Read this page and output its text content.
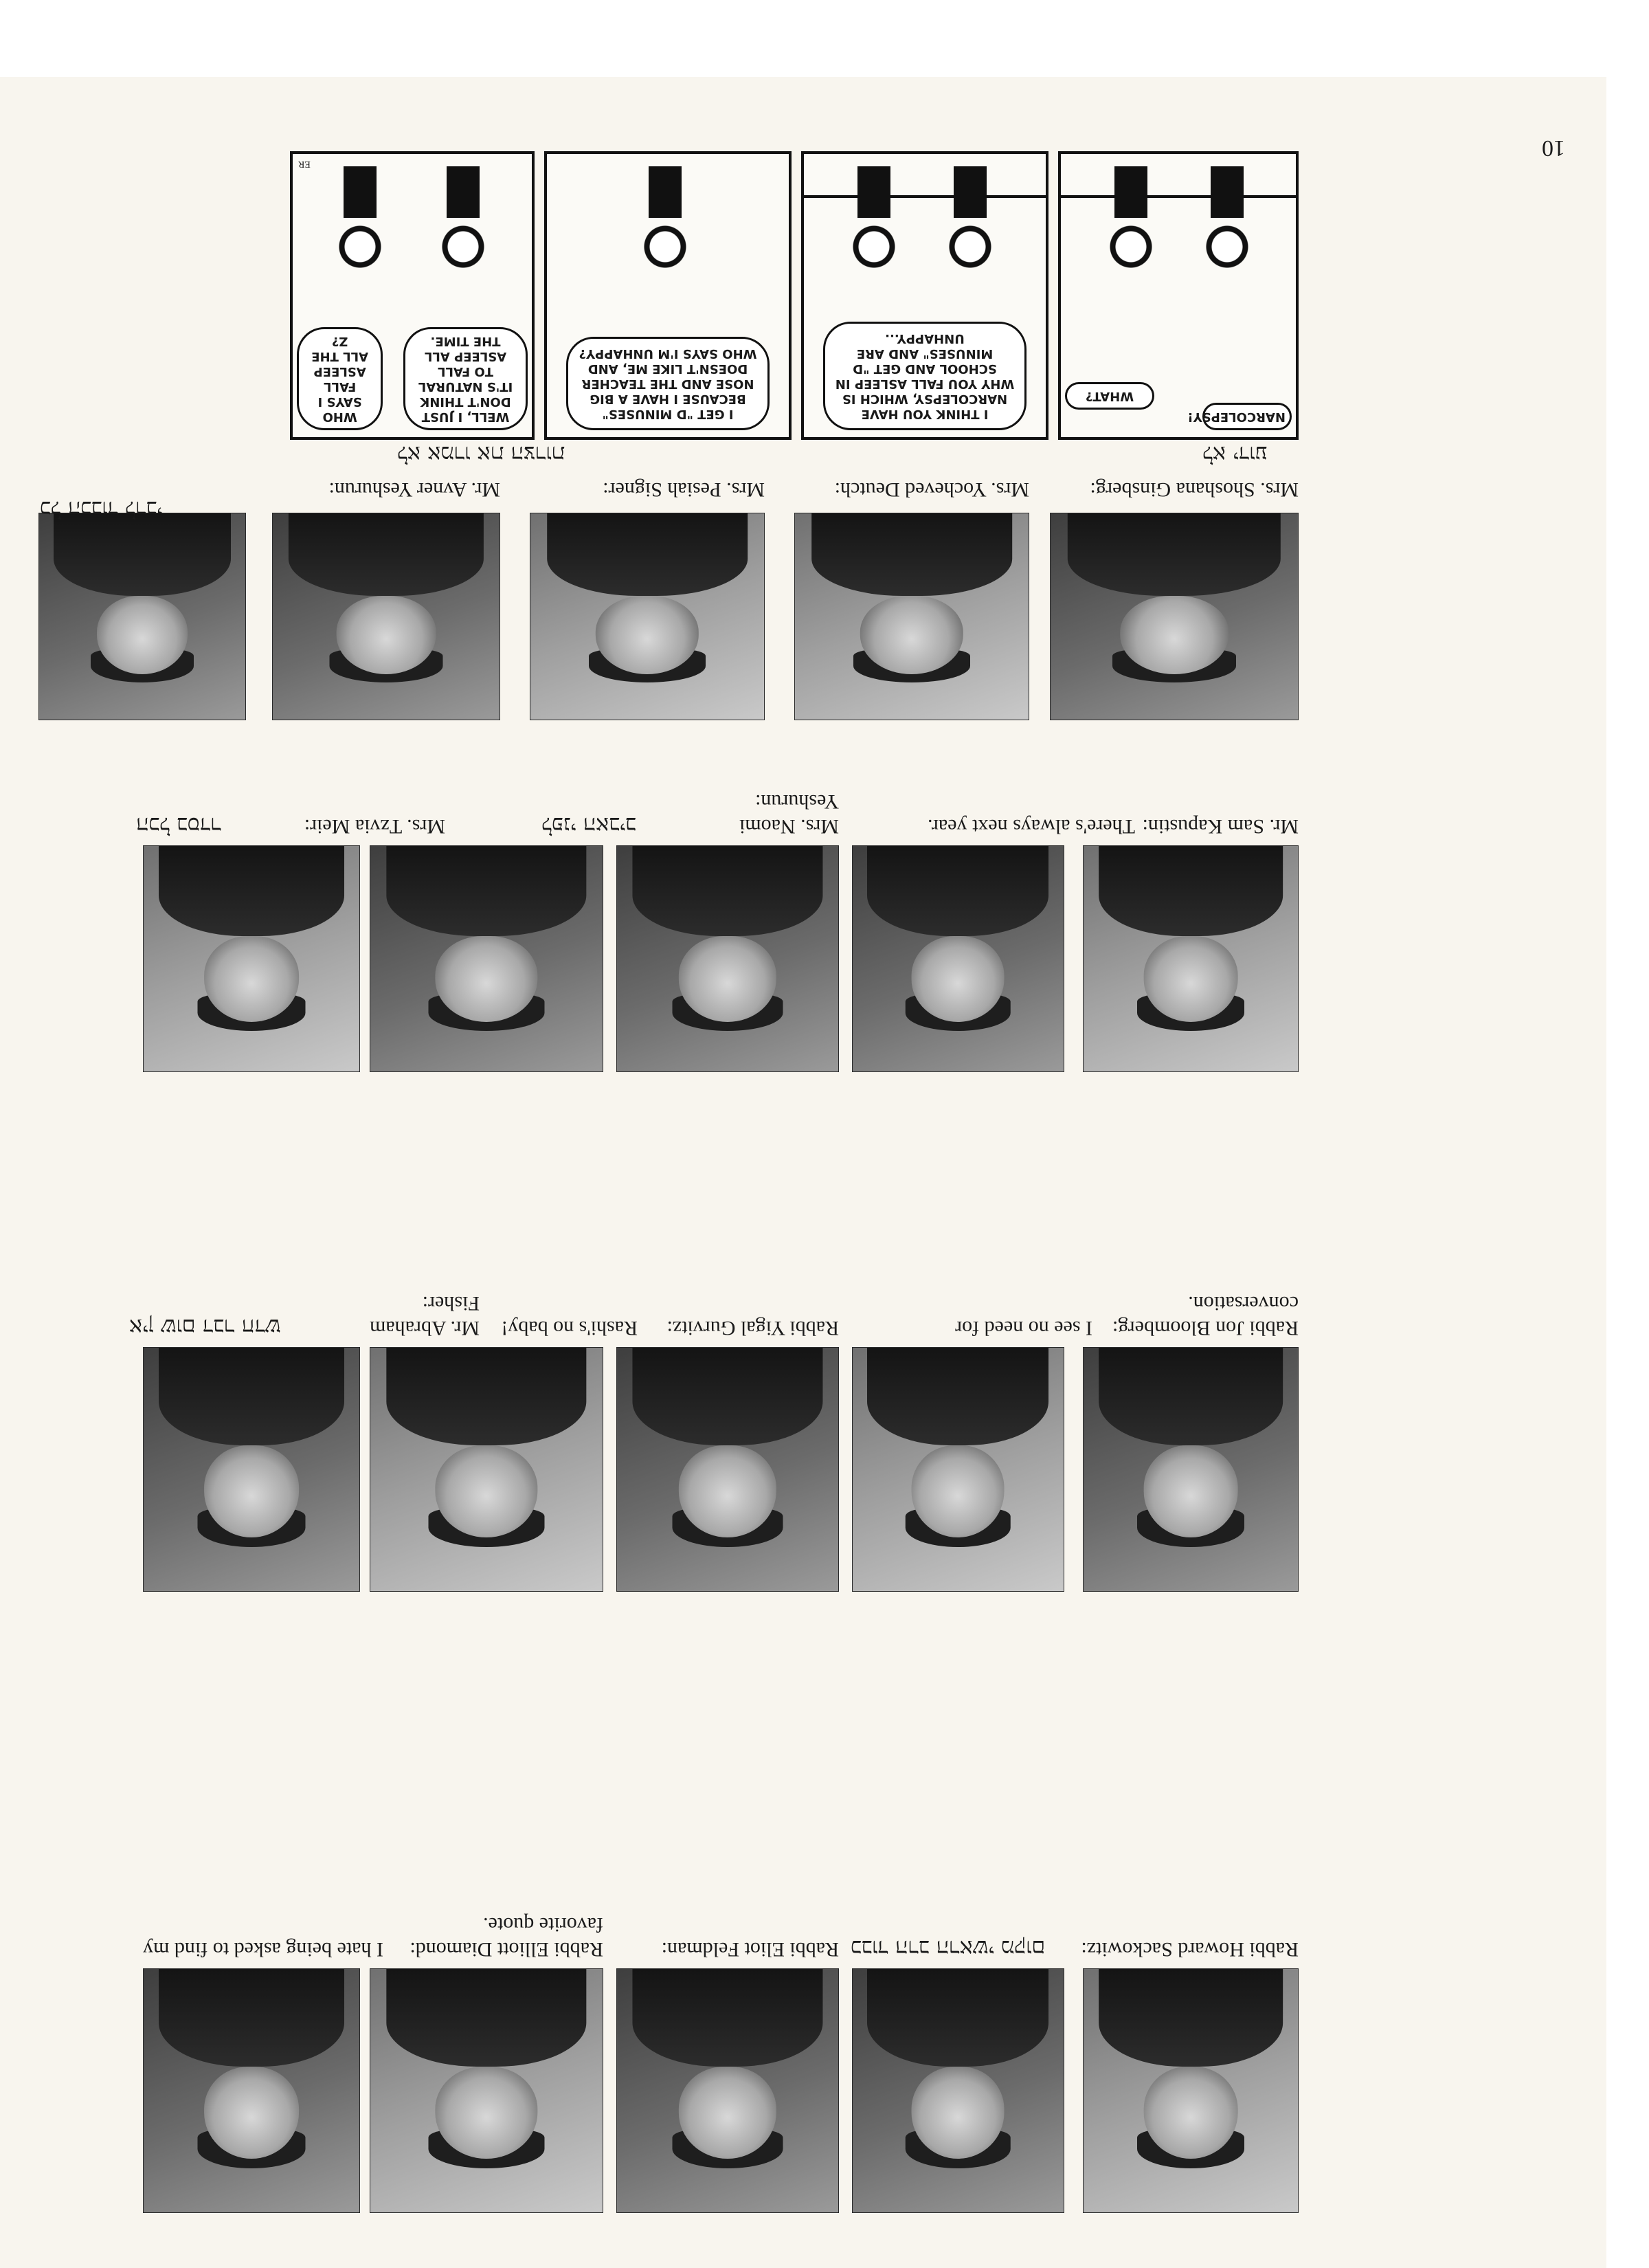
10
NARCOLEPSY!
WHAT?
I THINK YOU HAVE NARCOLEPSY, WHICH IS WHY YOU FALL ASLEEP IN SCHOOL AND GET "D MINUSES" AND ARE UNHAPPY...
I GET "D MINUSES" BECAUSE I HAVE A BIG NOSE AND THE TEACHER DOESN'T LIKE ME, AND WHO SAYS I'M UNHAPPY?
WELL, I JUST DON'T THINK IT'S NATURAL TO FALL ASLEEP ALL THE TIME.
WHO SAYS I FALL ASLEEP ALL THE Z?
ER
Rabbi Howard Sackowitz:
כבוד הרב הראשי מקום
Rabbi Eliot Feldman:
Rabbi Elliott Diamond:
I hate being asked to find my favorite quote.
Rabbi Jon Bloomberg:
I see no need for conversation.
Rabbi Yigal Gurvitz:
Rashi's no baby!
Mr. Abraham Fisher:
אין שום דבר חדש
Mr. Sam Kapustin:
There's always next year.
Mrs. Naomi Yeshurun:
לפני האביב
Mrs. Tzvia Meir:
הכל בסדר
Mrs. Shoshana Ginsberg:
לא ידוע
Mrs. Yocheved Deutch:
Mrs. Pesiah Signer:
לא אמרו את הצרות
Mr. Avner Yeshurun:
כל הכבוד לרבי
